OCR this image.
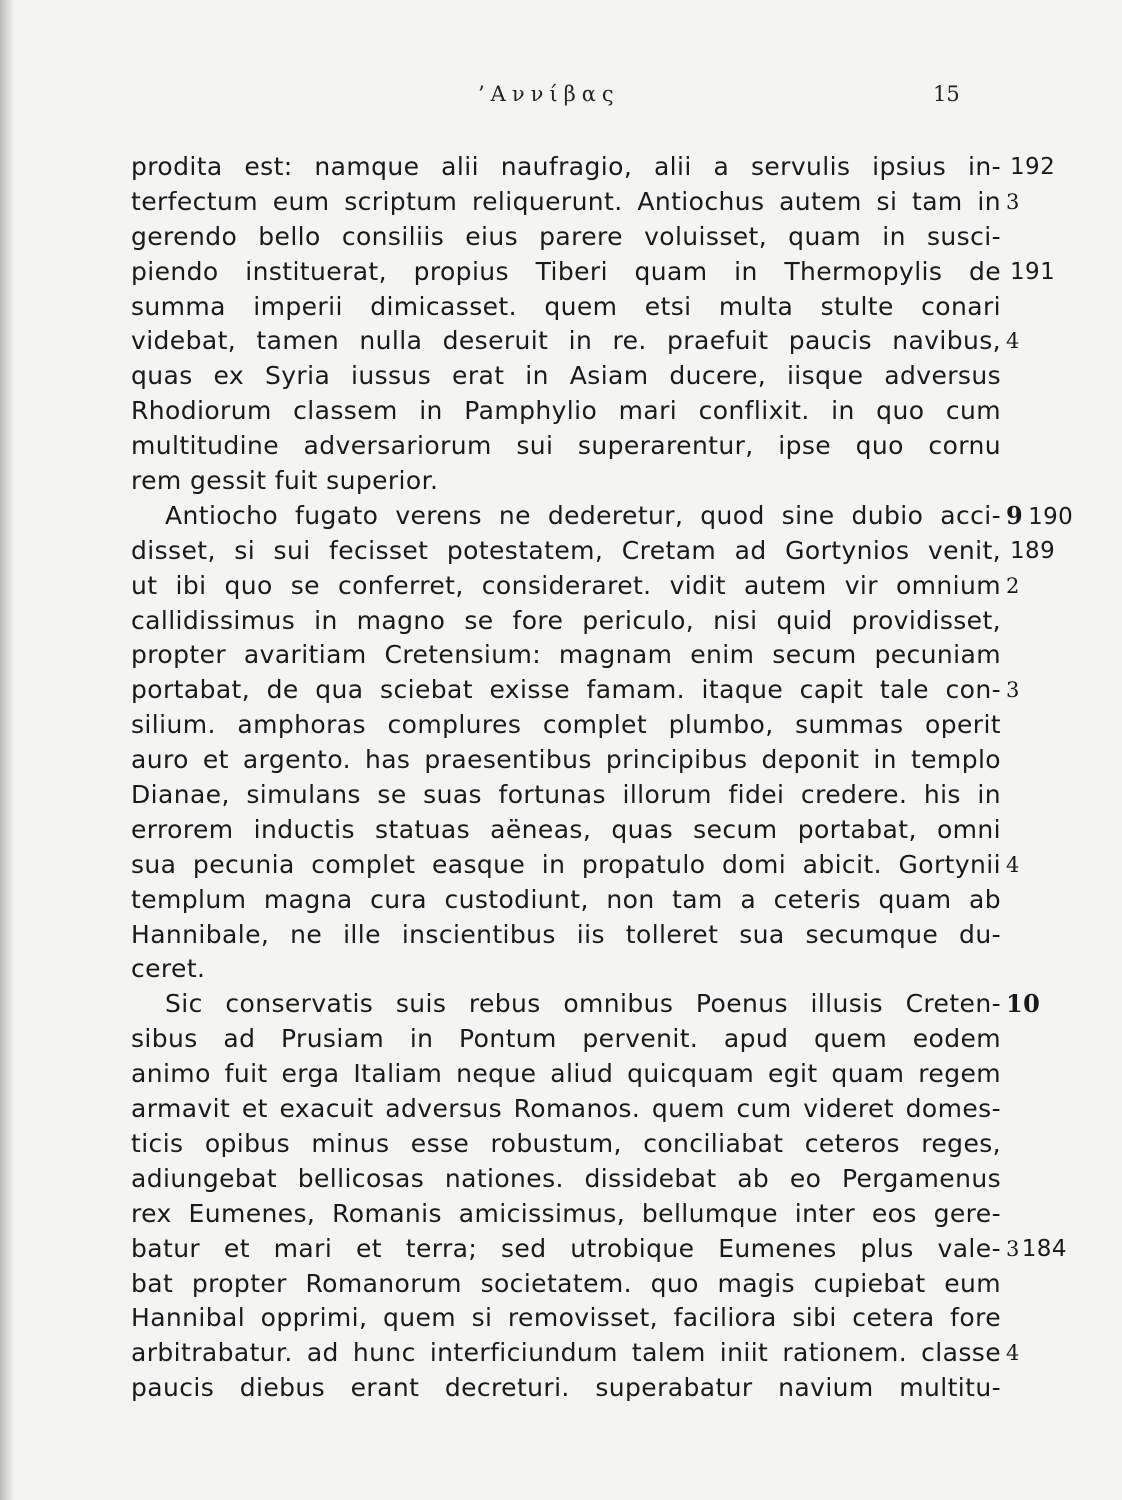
’Aννίβας	15
prodita est: namque alii naufragio, alii a servulis ipsius in- 192
terfectum eum scriptum reliquerunt. Antiochus autem si tam in 3
gerendo bello consiliis eius parere voluisset, quam in susci-
piendo instituerat, propius Tiberi quam in Thermopylis de 191
summa imperii dimicasset. quem etsi multa stulte conari
videbat, tamen nulla deseruit in re. praefuit paucis navibus, 4
quas ex Syria iussus erat in Asiam ducere, iisque adversus
Rhodiorum classem in Pamphylio mari conflixit. in quo cum
multitudine adversariorum sui superarentur, ipse quo cornu
rem gessit fuit superior.
Antiocho fugato verens ne dederetur, quod sine dubio acci- 9 190
disset, si sui fecisset potestatem, Cretam ad Gortynios venit, 189
ut ibi quo se conferret, consideraret. vidit autem vir omnium 2
callidissimus in magno se fore periculo, nisi quid providisset,
propter avaritiam Cretensium: magnam enim secum pecuniam
portabat, de qua sciebat exisse famam. itaque capit tale con- 3
silium. amphoras complures complet plumbo, summas operit
auro et argento. has praesentibus principibus deponit in templo
Dianae, simulans se suas fortunas illorum fidei credere. his in
errorem inductis statuas aëneas, quas secum portabat, omni
sua pecunia complet easque in propatulo domi abicit. Gortynii 4
templum magna cura custodiunt, non tam a ceteris quam ab
Hannibale, ne ille inscientibus iis tolleret sua secumque du-
ceret.
Sic conservatis suis rebus omnibus Poenus illusis Creten- 10
sibus ad Prusiam in Pontum pervenit. apud quem eodem
animo fuit erga Italiam neque aliud quicquam egit quam regem
armavit et exacuit adversus Romanos. quem cum videret domes-
ticis opibus minus esse robustum, conciliabat ceteros reges,
adiungebat bellicosas nationes. dissidebat ab eo Pergamenus
rex Eumenes, Romanis amicissimus, bellumque inter eos gere-
batur et mari et terra; sed utrobique Eumenes plus vale- 3184
bat propter Romanorum societatem. quo magis cupiebat eum
Hannibal opprimi, quem si removisset, faciliora sibi cetera fore
arbitrabatur. ad hunc interficiundum talem iniit rationem. classe 4
paucis diebus erant decreturi. superabatur navium multitu-
